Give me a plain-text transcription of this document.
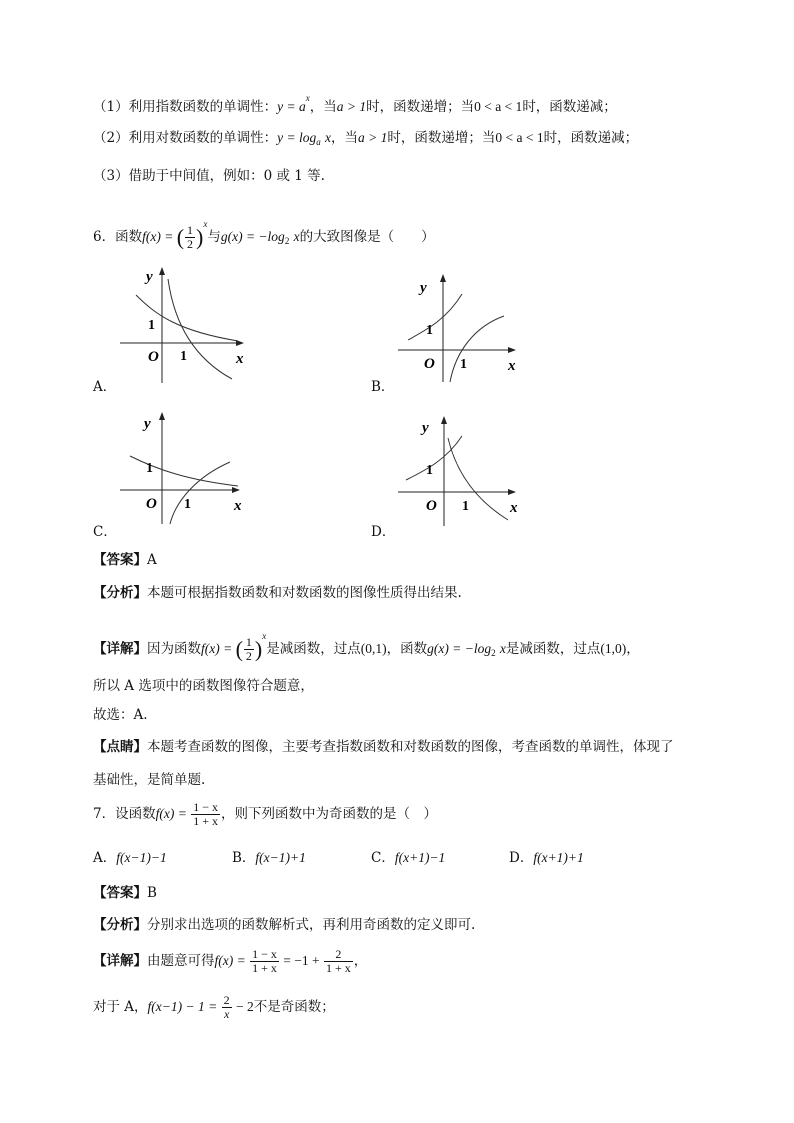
（1）利用指数函数的单调性：$y = a^x$，当a > 1时，函数递增；当0 < a < 1时，函数递减；
（2）利用对数函数的单调性：$y = \log_a x$，当a > 1时，函数递增；当0 < a < 1时，函数递减；
（3）借助于中间值，例如：0 或 1 等.
6．函数f(x) = ( $\frac{1}{2} )^x$与$g(x) = -\log_2$ x的大致图像是（　　）
y
1
O 1	x
A．
y
1
O 1	x
B．
y
1
O 1	x
C．
y
1
O 1	x
D．
【答案】A
【分析】本题可根据指数函数和对数函数的图像性质得出结果.
【详解】因为函数f(x) = ( $\frac{1}{2} )^x$是减函数，过点(0,1)，函数$g(x) = -\log_2$ x是减函数，过点(1,0)，
所以 A 选项中的函数图像符合题意，
故选：A.
【点睛】本题考查函数的图像，主要考查指数函数和对数函数的图像，考查函数的单调性，体现了
基础性，是简单题.
7．设函数$f(x) = \frac{1 - x}{1 + x}$ ，则下列函数中为奇函数的是（　）
A．f(x−1)−1	B．f(x−1)+1	C．f(x+1)−1	D．f(x+1)+1
【答案】B
【分析】分别求出选项的函数解析式，再利用奇函数的定义即可.
【详解】由题意可得$f(x) = \frac{1 - x}{1 + x} = -1 + \frac{2}{1 + x}$ ，
对于 A，$f(x-1) - 1 = \frac{2}{x} - 2$不是奇函数；
